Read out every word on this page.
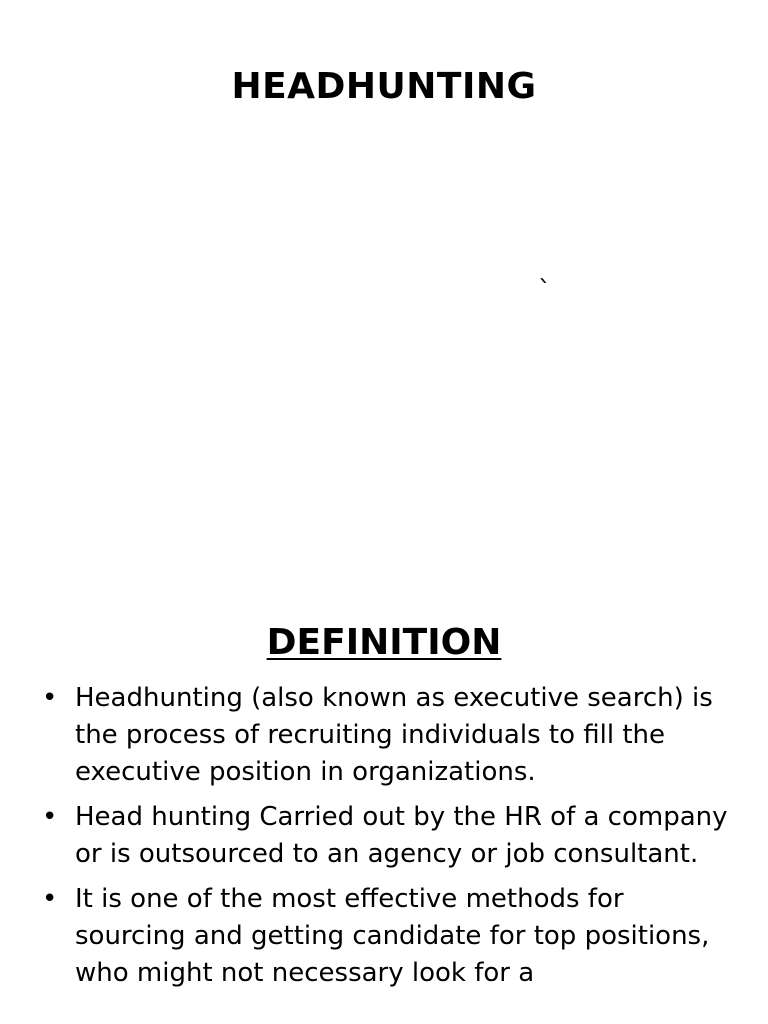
HEADHUNTING
`
DEFINITION
• Headhunting (also known as executive search) is the process of recruiting individuals to fill the executive position in organizations.
• Head hunting Carried out by the HR of a company or is outsourced to an agency or job consultant.
• It is one of the most effective methods for sourcing and getting candidate for top positions, who might not necessary look for a
